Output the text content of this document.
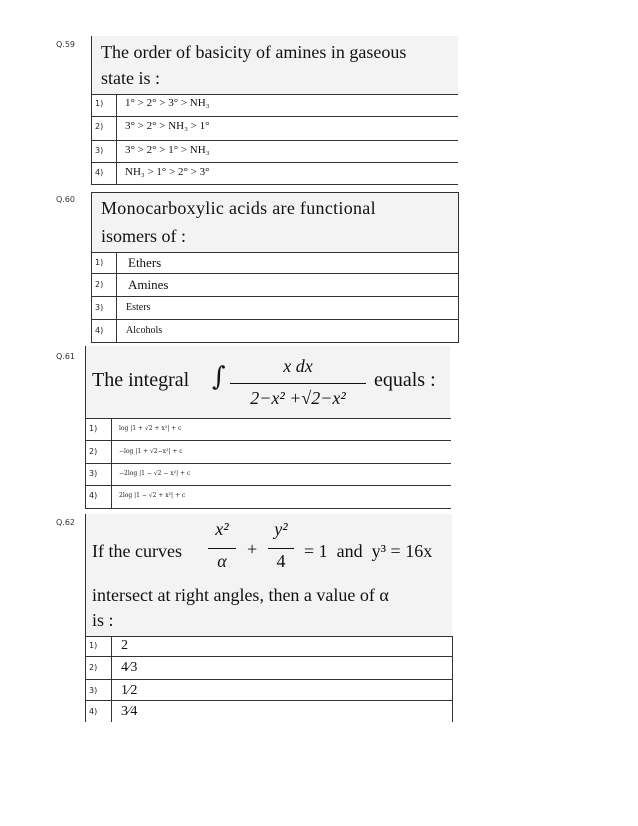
Q.59 The order of basicity of amines in gaseous
state is :
1) 1° > 2° > 3° > NH₃
2) 3° > 2° > NH₃ > 1°
3) 3° > 2° > 1° > NH₃
4) NH₃ > 1° > 2° > 3°
Q.60 Monocarboxylic acids are functional
isomers of :
1) Ethers
2) Amines
3) Esters
4) Alcohols
Q.61
The integral ∫	x dx
2−x² +√2−x²
equals :
1)	log |1 + √2 + x²| + c
2)	−log |1 + √2−x²| + c
3)	−2log |1 − √2 − x²| + c
4)	2log |1 − √2 + x²| + c
Q.62
If the curves
x²
α
+
y²
4	= 1  and  y³ = 16x
intersect at right angles, then a value of α
is :
1) 2
2) 4⁄3
3) 1⁄2
4) 3⁄4
